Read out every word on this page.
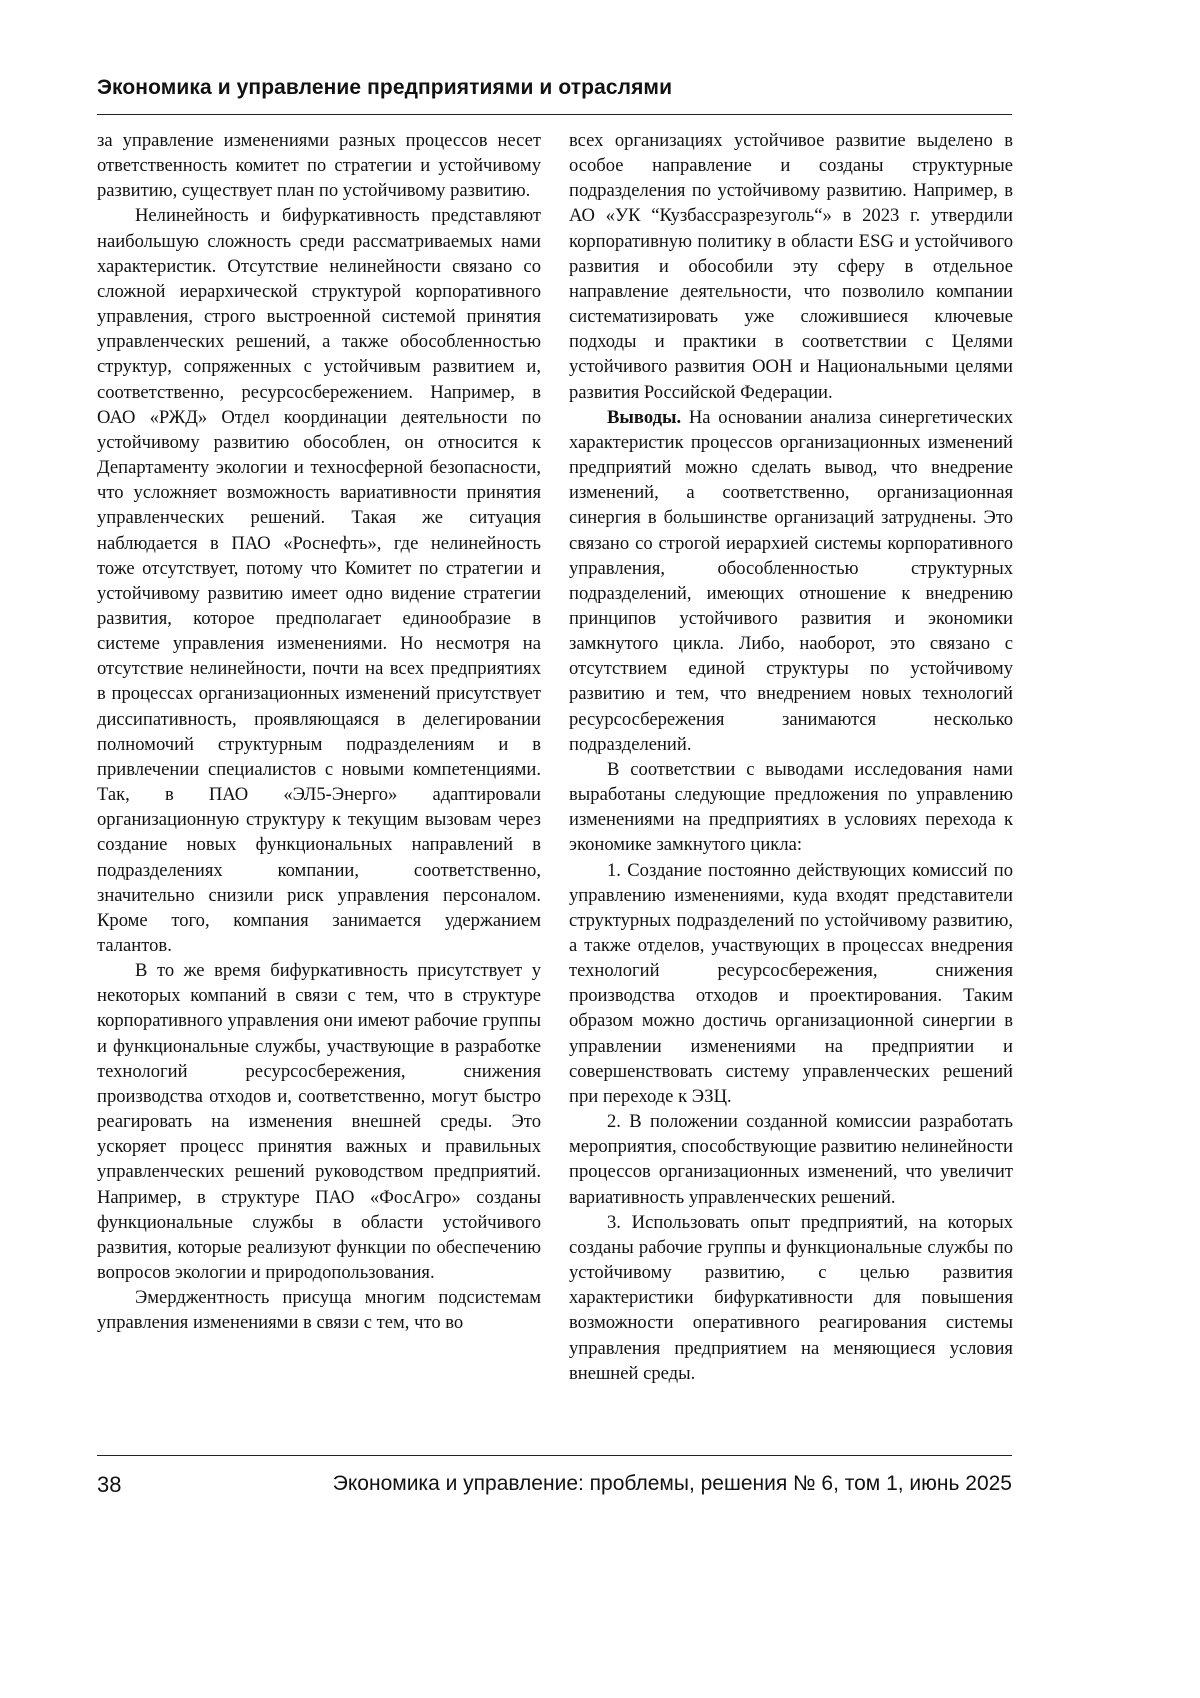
Экономика и управление предприятиями и отраслями

за управление изменениями разных процессов несет ответственность комитет по стратегии и устойчивому развитию, существует план по устойчивому развитию.

Нелинейность и бифуркативность представляют наибольшую сложность среди рассматриваемых нами характеристик. Отсутствие нелинейности связано со сложной иерархической структурой корпоративного управления, строго выстроенной системой принятия управленческих решений, а также обособленностью структур, сопряженных с устойчивым развитием и, соответственно, ресурсосбережением. Например, в ОАО «РЖД» Отдел координации деятельности по устойчивому развитию обособлен, он относится к Департаменту экологии и техносферной безопасности, что усложняет возможность вариативности принятия управленческих решений. Такая же ситуация наблюдается в ПАО «Роснефть», где нелинейность тоже отсутствует, потому что Комитет по стратегии и устойчивому развитию имеет одно видение стратегии развития, которое предполагает единообразие в системе управления изменениями. Но несмотря на отсутствие нелинейности, почти на всех предприятиях в процессах организационных изменений присутствует диссипативность, проявляющаяся в делегировании полномочий структурным подразделениям и в привлечении специалистов с новыми компетенциями. Так, в ПАО «ЭЛ5-Энерго» адаптировали организационную структуру к текущим вызовам через создание новых функциональных направлений в подразделениях компании, соответственно, значительно снизили риск управления персоналом. Кроме того, компания занимается удержанием талантов.

В то же время бифуркативность присутствует у некоторых компаний в связи с тем, что в структуре корпоративного управления они имеют рабочие группы и функциональные службы, участвующие в разработке технологий ресурсосбережения, снижения производства отходов и, соответственно, могут быстро реагировать на изменения внешней среды. Это ускоряет процесс принятия важных и правильных управленческих решений руководством предприятий. Например, в структуре ПАО «ФосАгро» созданы функциональные службы в области устойчивого развития, которые реализуют функции по обеспечению вопросов экологии и природопользования.

Эмерджентность присуща многим подсистемам управления изменениями в связи с тем, что во

всех организациях устойчивое развитие выделено в особое направление и созданы структурные подразделения по устойчивому развитию. Например, в АО «УК “Кузбассразрезуголь“» в 2023 г. утвердили корпоративную политику в области ESG и устойчивого развития и обособили эту сферу в отдельное направление деятельности, что позволило компании систематизировать уже сложившиеся ключевые подходы и практики в соответствии с Целями устойчивого развития ООН и Национальными целями развития Российской Федерации.

Выводы. На основании анализа синергетических характеристик процессов организационных изменений предприятий можно сделать вывод, что внедрение изменений, а соответственно, организационная синергия в большинстве организаций затруднены. Это связано со строгой иерархией системы корпоративного управления, обособленностью структурных подразделений, имеющих отношение к внедрению принципов устойчивого развития и экономики замкнутого цикла. Либо, наоборот, это связано с отсутствием единой структуры по устойчивому развитию и тем, что внедрением новых технологий ресурсосбережения занимаются несколько подразделений.

В соответствии с выводами исследования нами выработаны следующие предложения по управлению изменениями на предприятиях в условиях перехода к экономике замкнутого цикла:

1. Создание постоянно действующих комиссий по управлению изменениями, куда входят представители структурных подразделений по устойчивому развитию, а также отделов, участвующих в процессах внедрения технологий ресурсосбережения, снижения производства отходов и проектирования. Таким образом можно достичь организационной синергии в управлении изменениями на предприятии и совершенствовать систему управленческих решений при переходе к ЭЗЦ.

2. В положении созданной комиссии разработать мероприятия, способствующие развитию нелинейности процессов организационных изменений, что увеличит вариативность управленческих решений.

3. Использовать опыт предприятий, на которых созданы рабочие группы и функциональные службы по устойчивому развитию, с целью развития характеристики бифуркативности для повышения возможности оперативного реагирования системы управления предприятием на меняющиеся условия внешней среды.

38	Экономика и управление: проблемы, решения № 6, том 1, июнь 2025
